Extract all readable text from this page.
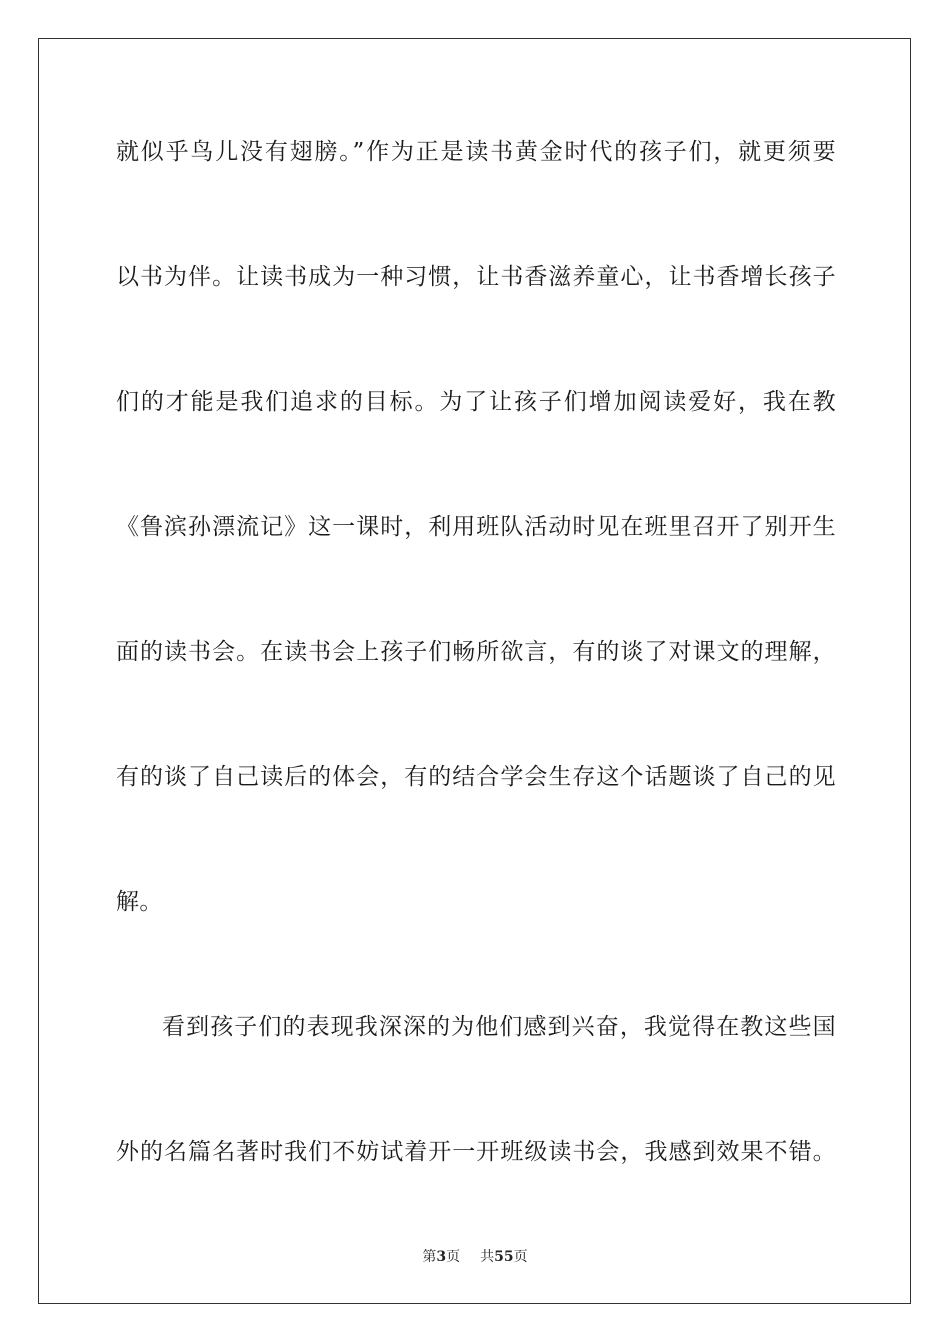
就似乎鸟儿没有翅膀。”作为正是读书黄金时代的孩子们，就更须要
以书为伴。让读书成为一种习惯，让书香滋养童心，让书香增长孩子
们的才能是我们追求的目标。为了让孩子们增加阅读爱好，我在教
《鲁滨孙漂流记》这一课时，利用班队活动时见在班里召开了别开生
面的读书会。在读书会上孩子们畅所欲言，有的谈了对课文的理解，
有的谈了自己读后的体会，有的结合学会生存这个话题谈了自己的见
解。
看到孩子们的表现我深深的为他们感到兴奋，我觉得在教这些国
外的名篇名著时我们不妨试着开一开班级读书会，我感到效果不错。
第3页 共55页
